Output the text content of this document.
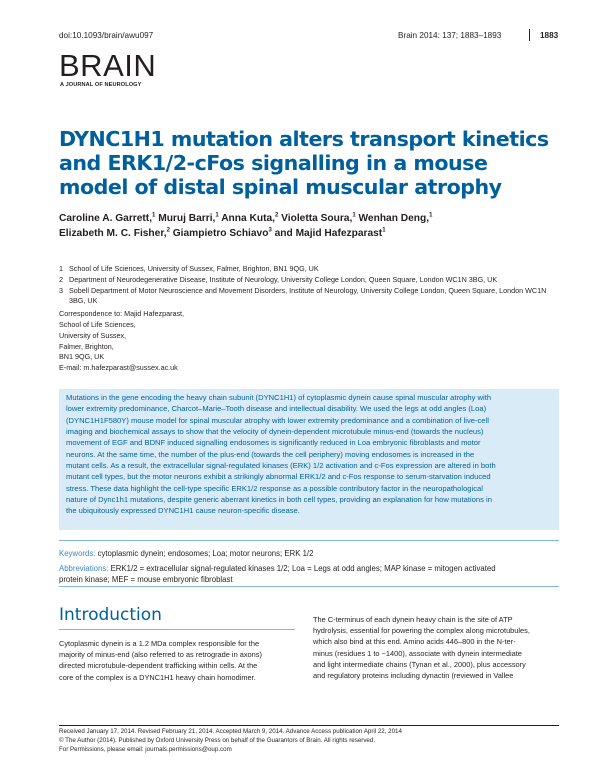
doi:10.1093/brain/awu097	Brain 2014: 137; 1883–1893	1883
BRAIN
A JOURNAL OF NEUROLOGY
DYNC1H1 mutation alters transport kinetics and ERK1/2-cFos signalling in a mouse model of distal spinal muscular atrophy
Caroline A. Garrett,$^1$ Muruj Barri,$^1$ Anna Kuta,$^2$ Violetta Soura,$^1$ Wenhan Deng,$^1$
Elizabeth M. C. Fisher,$^2$ Giampietro Schiavo$^3$ and Majid Hafezparast$^1$
1 School of Life Sciences, University of Sussex, Falmer, Brighton, BN1 9QG, UK
2 Department of Neurodegenerative Disease, Institute of Neurology, University College London, Queen Square, London WC1N 3BG, UK
3 Sobell Department of Motor Neuroscience and Movement Disorders, Institute of Neurology, University College London, Queen Square, London WC1N 3BG, UK
Correspondence to: Majid Hafezparast,
School of Life Sciences,
University of Sussex,
Falmer, Brighton,
BN1 9QG, UK
E-mail: m.hafezparast@sussex.ac.uk
Mutations in the gene encoding the heavy chain subunit (DYNC1H1) of cytoplasmic dynein cause spinal muscular atrophy with
lower extremity predominance, Charcot–Marie–Tooth disease and intellectual disability. We used the legs at odd angles (Loa)
(DYNC1H1F580Y) mouse model for spinal muscular atrophy with lower extremity predominance and a combination of live-cell
imaging and biochemical assays to show that the velocity of dynein-dependent microtubule minus-end (towards the nucleus)
movement of EGF and BDNF induced signalling endosomes is significantly reduced in Loa embryonic fibroblasts and motor
neurons. At the same time, the number of the plus-end (towards the cell periphery) moving endosomes is increased in the
mutant cells. As a result, the extracellular signal-regulated kinases (ERK) 1/2 activation and c-Fos expression are altered in both
mutant cell types, but the motor neurons exhibit a strikingly abnormal ERK1/2 and c-Fos response to serum-starvation induced
stress. These data highlight the cell-type specific ERK1/2 response as a possible contributory factor in the neuropathological
nature of Dync1h1 mutations, despite generic aberrant kinetics in both cell types, providing an explanation for how mutations in
the ubiquitously expressed DYNC1H1 cause neuron-specific disease.
Keywords: cytoplasmic dynein; endosomes; Loa; motor neurons; ERK 1/2
Abbreviations: ERK1/2 = extracellular signal-regulated kinases 1/2; Loa = Legs at odd angles; MAP kinase = mitogen activated
protein kinase; MEF = mouse embryonic fibroblast
Introduction
Cytoplasmic dynein is a 1.2 MDa complex responsible for the
majority of minus-end (also referred to as retrograde in axons)
directed microtubule-dependent trafficking within cells. At the
core of the complex is a DYNC1H1 heavy chain homodimer.
The C-terminus of each dynein heavy chain is the site of ATP
hydrolysis, essential for powering the complex along microtubules,
which also bind at this end. Amino acids 446–800 in the N-ter-
minus (residues 1 to ~1400), associate with dynein intermediate
and light intermediate chains (Tynan et al., 2000), plus accessory
and regulatory proteins including dynactin (reviewed in Vallee
Received January 17, 2014. Revised February 21, 2014. Accepted March 9, 2014. Advance Access publication April 22, 2014
© The Author (2014). Published by Oxford University Press on behalf of the Guarantors of Brain. All rights reserved.
For Permissions, please email: journals.permissions@oup.com
